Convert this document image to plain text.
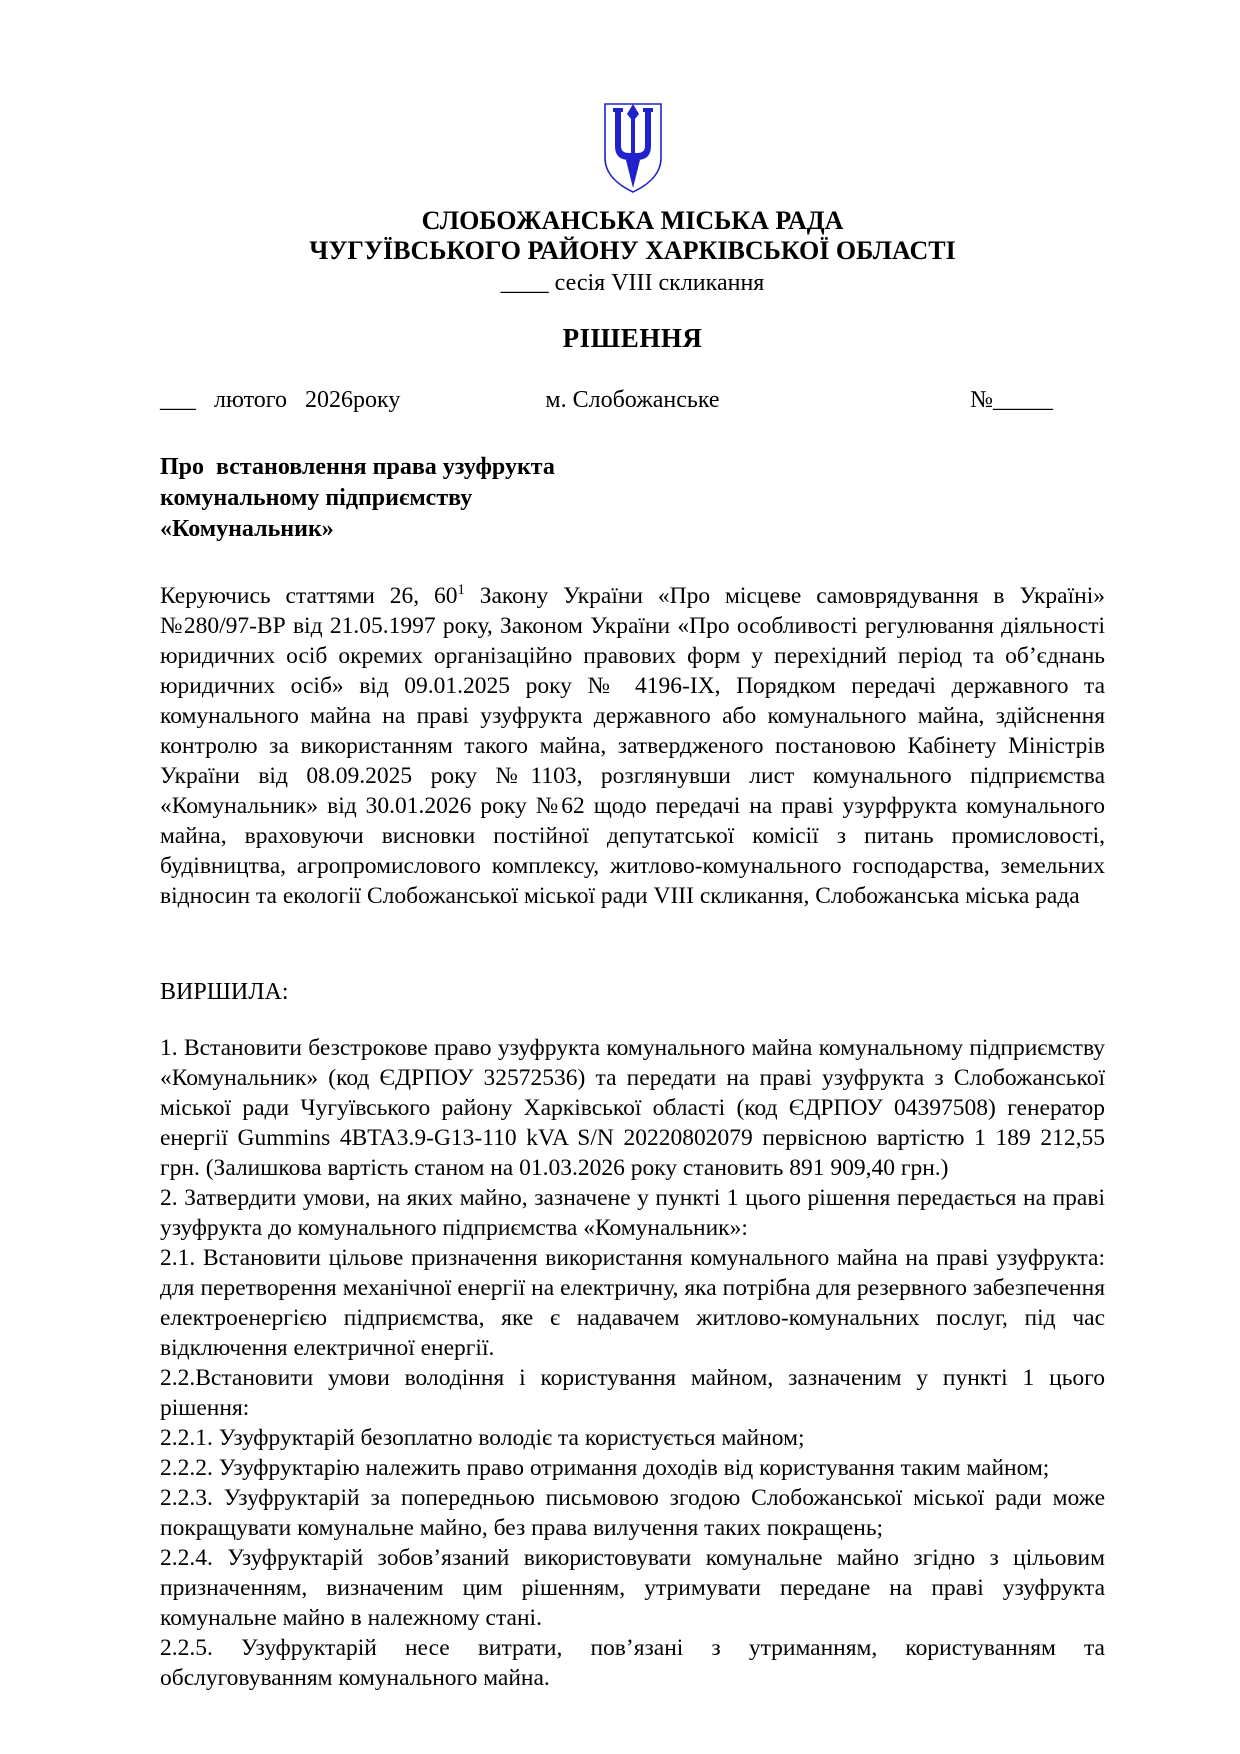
СЛОБОЖАНСЬКА МІСЬКА РАДА
ЧУГУЇВСЬКОГО РАЙОНУ ХАРКІВСЬКОЇ ОБЛАСТІ
____ сесія VIII скликання
РІШЕННЯ
___   лютого   2026року	м. Слобожанське	№_____
Про  встановлення права узуфрукта
комунальному підприємству
«Комунальник»

Керуючись статтями 26, $60^1$ Закону України «Про місцеве самоврядування в Україні» №280/97-ВР від 21.05.1997 року, Законом України «Про особливості регулювання діяльності юридичних осіб окремих організаційно правових форм у перехідний період та об’єднань юридичних осіб» від 09.01.2025 року № 4196-IX, Порядком передачі державного та комунального майна на праві узуфрукта державного або комунального майна, здійснення контролю за використанням такого майна, затвердженого постановою Кабінету Міністрів України від 08.09.2025 року №1103, розглянувши лист комунального підприємства «Комунальник» від 30.01.2026 року №62 щодо передачі на праві узурфрукта комунального майна, враховуючи висновки постійної депутатської комісії з питань промисловості, будівництва, агропромислового комплексу, житлово-комунального господарства, земельних відносин та екології Слобожанської міської ради VIII скликання, Слобожанська міська рада

ВИРШИЛА:

1. Встановити безстрокове право узуфрукта комунального майна комунальному підприємству «Комунальник» (код ЄДРПОУ 32572536) та передати на праві узуфрукта з Слобожанської міської ради Чугуївського району Харківської області (код ЄДРПОУ 04397508) генератор енергії Gummins 4BTA3.9-G13-110 kVA S/N 20220802079 первісною вартістю 1 189 212,55 грн. (Залишкова вартість станом на 01.03.2026 року становить 891 909,40 грн.)

2. Затвердити умови, на яких майно, зазначене у пункті 1 цього рішення передається на праві узуфрукта до комунального підприємства «Комунальник»:

2.1. Встановити цільове призначення використання комунального майна на праві узуфрукта: для перетворення механічної енергії на електричну, яка потрібна для резервного забезпечення електроенергією підприємства, яке є надавачем житлово-комунальних послуг, під час відключення електричної енергії.

2.2.Встановити умови володіння і користування майном, зазначеним у пункті 1 цього рішення:

2.2.1. Узуфруктарій безоплатно володіє та користується майном;

2.2.2. Узуфруктарію належить право отримання доходів від користування таким майном;

2.2.3. Узуфруктарій за попередньою письмовою згодою Слобожанської міської ради може покращувати комунальне майно, без права вилучення таких покращень;

2.2.4. Узуфруктарій зобов’язаний використовувати комунальне майно згідно з цільовим призначенням, визначеним цим рішенням, утримувати передане на праві узуфрукта комунальне майно в належному стані.

2.2.5. Узуфруктарій несе витрати, пов’язані з утриманням, користуванням та обслуговуванням комунального майна.
